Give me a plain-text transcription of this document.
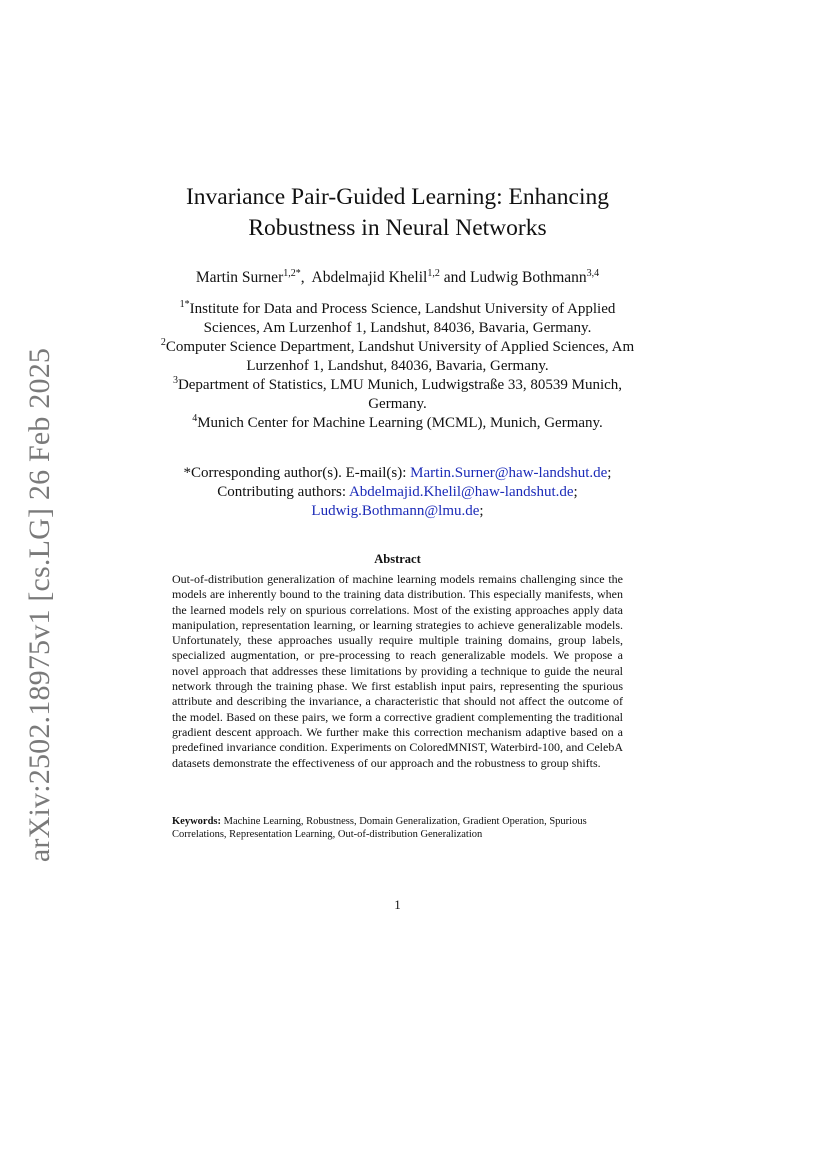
arXiv:2502.18975v1 [cs.LG] 26 Feb 2025
Invariance Pair-Guided Learning: Enhancing
Robustness in Neural Networks
Martin Surner$^{1,2*}$,  Abdelmajid Khelil$^{1,2}$ and Ludwig Bothmann$^{3,4}$

$^{1*}$Institute for Data and Process Science, Landshut University of Applied Sciences, Am Lurzenhof 1, Landshut, 84036, Bavaria, Germany.

$^2$Computer Science Department, Landshut University of Applied Sciences, Am Lurzenhof 1, Landshut, 84036, Bavaria, Germany.

$^3$Department of Statistics, LMU Munich, Ludwigstraße 33, 80539 Munich, Germany.

$^4$Munich Center for Machine Learning (MCML), Munich, Germany.

*Corresponding author(s). E-mail(s): Martin.Surner@haw-landshut.de;
Contributing authors: Abdelmajid.Khelil@haw-landshut.de;
Ludwig.Bothmann@lmu.de;
Abstract

Out-of-distribution generalization of machine learning models remains challenging since the models are inherently bound to the training data distribution. This especially manifests, when the learned models rely on spurious correlations. Most of the existing approaches apply data manipulation, representation learning, or learning strategies to achieve generalizable models. Unfortunately, these approaches usually require multiple training domains, group labels, specialized augmentation, or pre-processing to reach generalizable models. We propose a novel approach that addresses these limitations by providing a technique to guide the neural network through the training phase. We first establish input pairs, representing the spurious attribute and describing the invariance, a characteristic that should not affect the outcome of the model. Based on these pairs, we form a corrective gradient complementing the traditional gradient descent approach. We further make this correction mechanism adaptive based on a predefined invariance condition. Experiments on ColoredMNIST, Waterbird-100, and CelebA datasets demonstrate the effectiveness of our approach and the robustness to group shifts.

Keywords: Machine Learning, Robustness, Domain Generalization, Gradient Operation, Spurious Correlations, Representation Learning, Out-of-distribution Generalization

1
